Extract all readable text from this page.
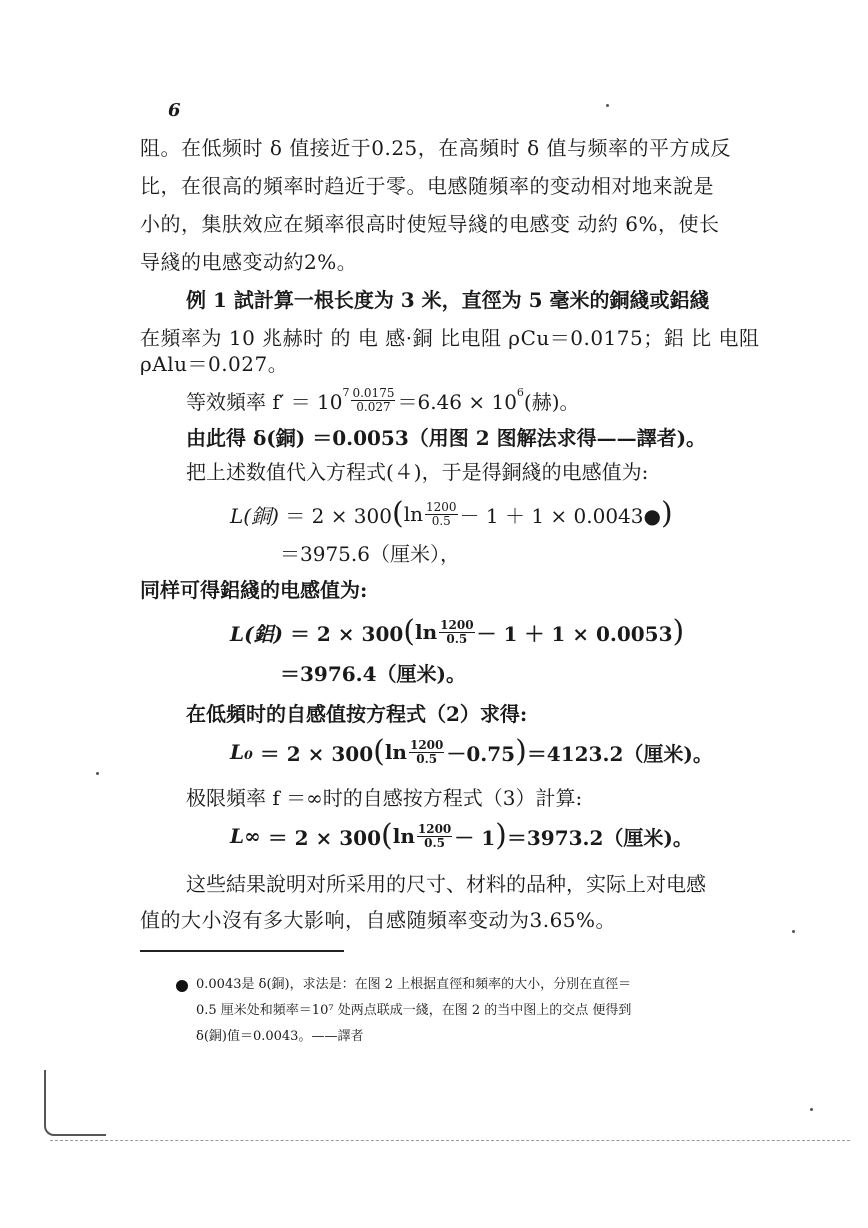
6
阻。在低频时 δ 值接近于0.25，在高頻时 δ 值与频率的平方成反
比，在很高的頻率时趋近于零。电感随頻率的变动相对地来說是
小的，集肤效应在頻率很高时使短导綫的电感变 动約 6%，使长
导綫的电感变动約2%。
例 1 試計算一根长度为 3 米，直徑为 5 毫米的銅綫或鋁綫
在頻率为 10 兆赫时 的 电 感·銅 比电阻 ρCu＝0.0175；鋁 比 电阻
ρAlu＝0.027。
等效頻率 f′ ＝ 10 $7 \frac{0.0175}{0.027} =6.46 \times 10$ 6 (赫)。
由此得 δ(銅) ＝0.0053（用图 2 图解法求得——譯者)。
把上述数值代入方程式(４)，于是得銅綫的电感值为:
L(銅)
＝ 2 × 300 ( $\ln \frac{1200}{0.5} - 1 + 1$ × 0.0043● )
＝3975.6（厘米），
同样可得鋁綫的电感值为:
L(鋁)
＝ 2 × 300 ( $\ln \frac{1200}{0.5} - 1 + 1 \times 0.0053$ )
＝3976.4（厘米)。
在低頻时的自感值按方程式（2）求得:
L₀
＝ 2 × 300 ( $\ln \frac{1200}{0.5} -0.75$ ) ＝4123.2（厘米)。
极限頻率 f ＝∞时的自感按方程式（3）計算:
L∞
＝ 2 × 300 ( $\ln \frac{1200}{0.5} - 1$ ) ＝3973.2（厘米)。
这些結果說明对所采用的尺寸、材料的品种，实际上对电感
值的大小沒有多大影响，自感随頻率变动为3.65%。
0.0043是 δ(銅)，求法是：在图 2 上根据直徑和頻率的大小，分別在直徑＝
0.5 厘米处和頻率＝10⁷ 处两点联成一綫，在图 2 的当中图上的交点 便得到
δ(銅)值＝0.0043。——譯者
